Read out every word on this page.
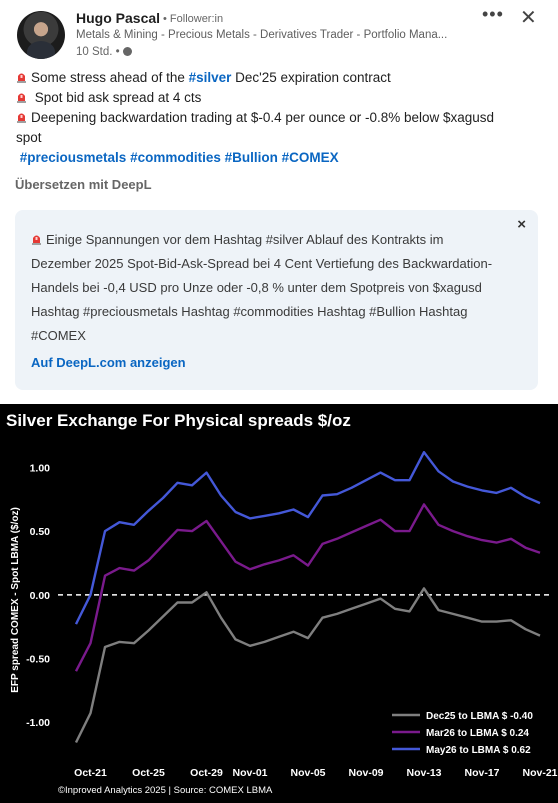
Hugo Pascal • Follower:in
Metals & Mining - Precious Metals - Derivatives Trader - Portfolio Mana...
10 Std. •
••• ✕
Some stress ahead of the #silver Dec'25 expiration contract
Spot bid ask spread at 4 cts
Deepening backwardation trading at $-0.4 per ounce or -0.8% below $xagusd
spot
#preciousmetals #commodities #Bullion #COMEX
Übersetzen mit DeepL
×
Einige Spannungen vor dem Hashtag #silver Ablauf des Kontrakts im Dezember 2025 Spot-Bid-Ask-Spread bei 4 Cent Vertiefung des Backwardation-Handels bei -0,4 USD pro Unze oder -0,8 % unter dem Spotpreis von $xagusd Hashtag #preciousmetals Hashtag #commodities Hashtag #Bullion Hashtag #COMEX
Auf DeepL.com anzeigen
Silver Exchange For Physical spreads $/oz
EFP spread COMEX - Spot LBMA ($/oz)
1.00
0.50
0.00
-0.50
-1.00
Oct-21 Oct-25 Oct-29 Nov-01 Nov-05 Nov-09 Nov-13 Nov-17 Nov-21
Dec25 to LBMA $ -0.40
Mar26 to LBMA $ 0.24
May26 to LBMA $ 0.62
©Inproved Analytics 2025 | Source: COMEX LBMA
